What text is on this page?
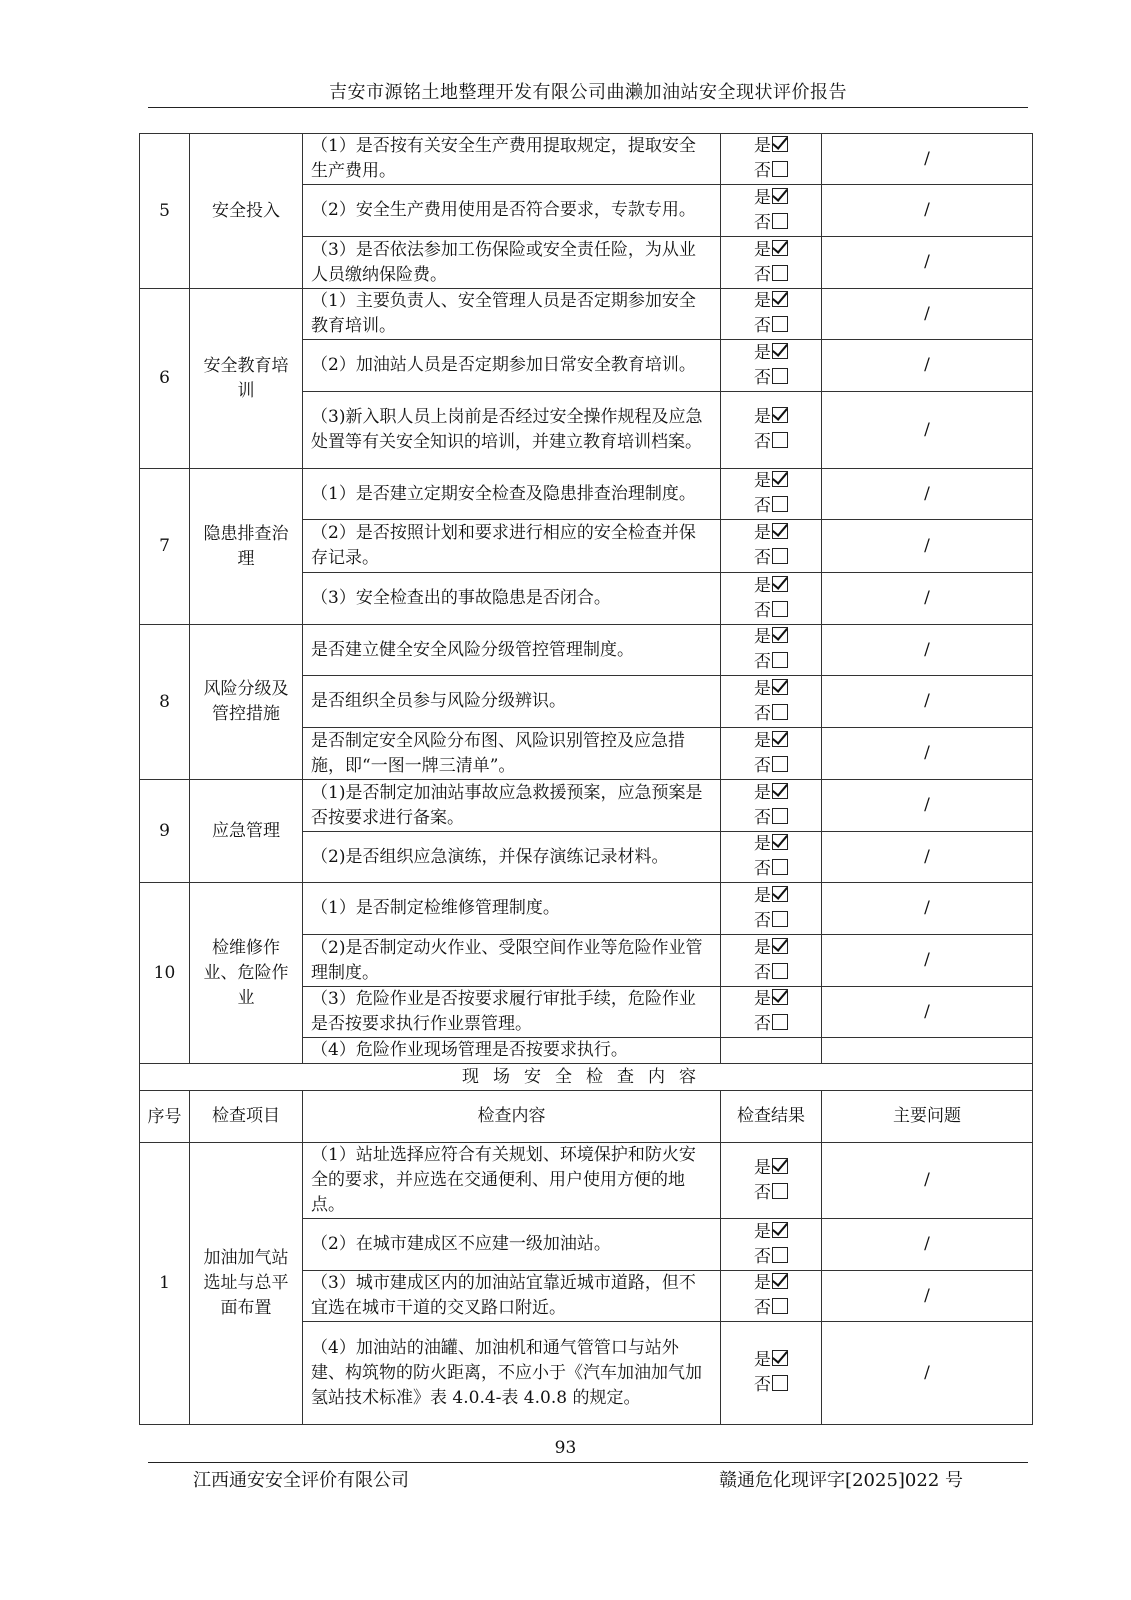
吉安市源铭土地整理开发有限公司曲濑加油站安全现状评价报告
5	安全投入	（1）是否按有关安全生产费用提取规定，提取安全生产费用。	是
否	/
		（2）安全生产费用使用是否符合要求，专款专用。	是
否	/
		（3）是否依法参加工伤保险或安全责任险，为从业人员缴纳保险费。	是
否	/
6	安全教育培训	（1）主要负责人、安全管理人员是否定期参加安全教育培训。	是
否	/
		（2）加油站人员是否定期参加日常安全教育培训。	是
否	/
		（3)新入职人员上岗前是否经过安全操作规程及应急处置等有关安全知识的培训，并建立教育培训档案。	是
否	/
7	隐患排查治理	（1）是否建立定期安全检查及隐患排查治理制度。	是
否	/
		（2）是否按照计划和要求进行相应的安全检查并保存记录。	是
否	/
		（3）安全检查出的事故隐患是否闭合。	是
否	/
8	风险分级及管控措施	是否建立健全安全风险分级管控管理制度。	是
否	/
		是否组织全员参与风险分级辨识。	是
否	/
		是否制定安全风险分布图、风险识别管控及应急措施，即“一图一牌三清单”。	是
否	/
9	应急管理	（1)是否制定加油站事故应急救援预案，应急预案是否按要求进行备案。	是
否	/
		（2)是否组织应急演练，并保存演练记录材料。	是
否	/
10	检维修作业、危险作业	（1）是否制定检维修管理制度。	是
否	/
		（2)是否制定动火作业、受限空间作业等危险作业管理制度。	是
否	/
		（3）危险作业是否按要求履行审批手续，危险作业是否按要求执行作业票管理。	是
否	/
		（4）危险作业现场管理是否按要求执行。		
现场安全检查内容				
序号	检查项目	检查内容	检查结果	主要问题
1	加油加气站选址与总平面布置	（1）站址选择应符合有关规划、环境保护和防火安全的要求，并应选在交通便利、用户使用方便的地点。	是
否	/
		（2）在城市建成区不应建一级加油站。	是
否	/
		（3）城市建成区内的加油站宜靠近城市道路，但不宜选在城市干道的交叉路口附近。	是
否	/
		（4）加油站的油罐、加油机和通气管管口与站外建、构筑物的防火距离，不应小于《汽车加油加气加氢站技术标准》表 4.0.4-表 4.0.8 的规定。	是
否	/
93
江西通安安全评价有限公司	赣通危化现评字[2025]022 号
